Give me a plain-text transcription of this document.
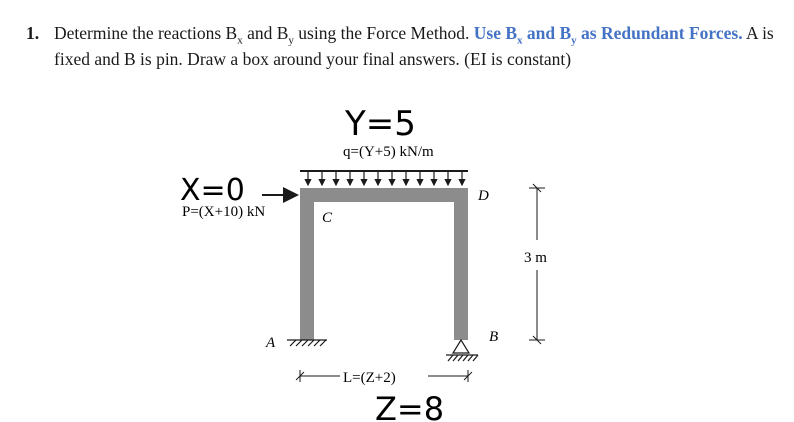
1. Determine the reactions $B_x$ and $B_y$ using the Force Method. Use $B_x$ and $B_y$ as Redundant Forces. A is fixed and B is pin. Draw a box around your final answers. (EI is constant)
Y=5
X=0
Z=8
q=(Y+5) kN/m
P=(X+10) kN	C
D
A	B
3 m
L=(Z+2)
